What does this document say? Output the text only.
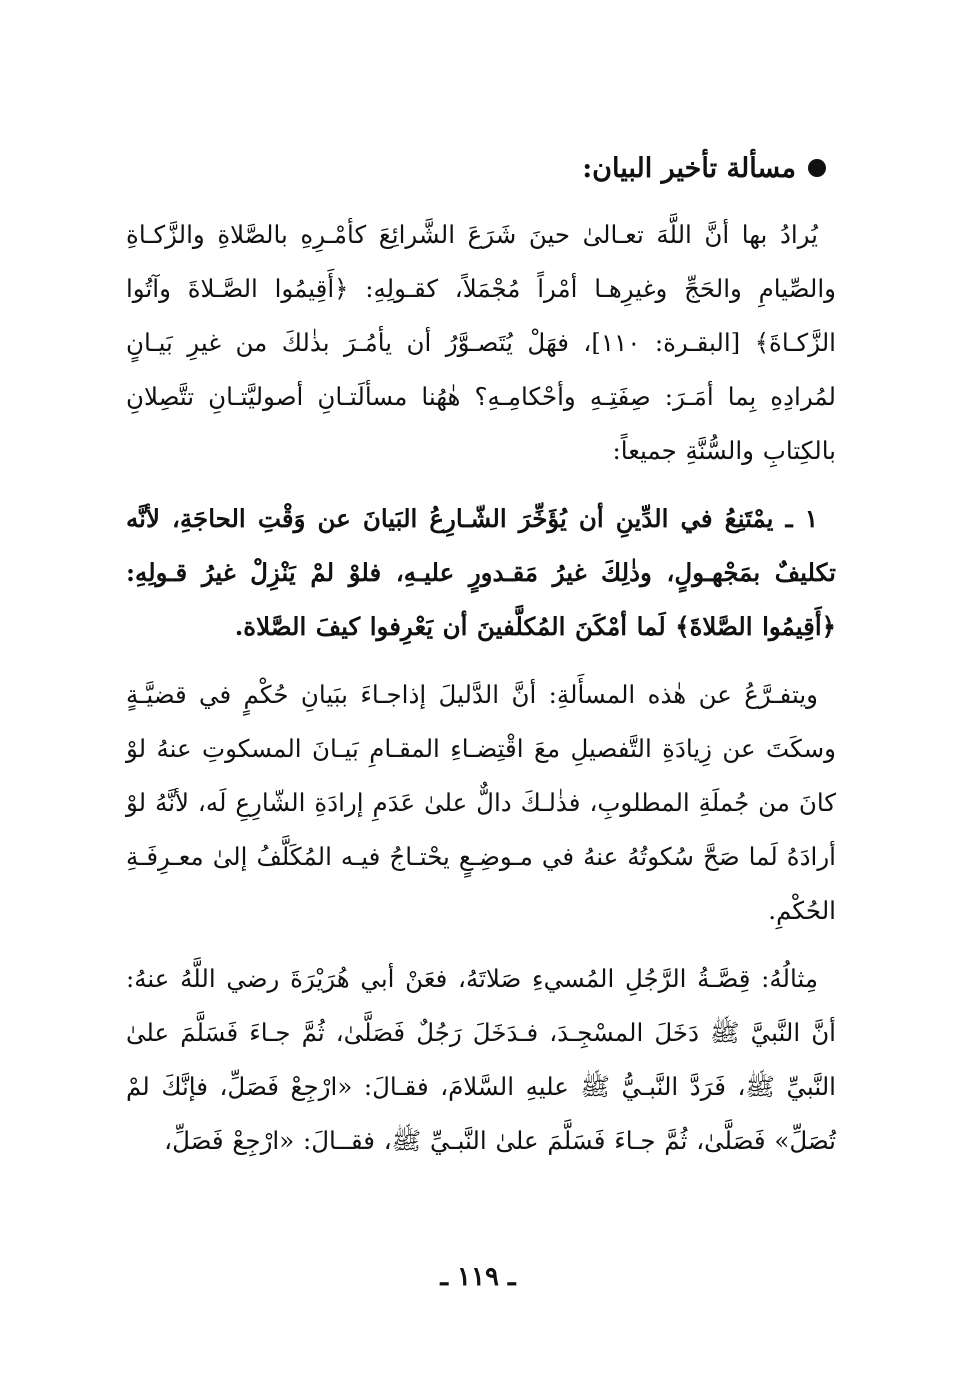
مسألة تأخير البيان:

يُرادُ بها أنَّ اللَّهَ تعـالىٰ حينَ شَرَعَ الشَّرائِعَ كأمْـرِهِ بالصَّلاةِ والزَّكـاةِ والصِّيامِ والحَجِّ وغيرِهـا أمْراً مُجْمَلاً، كقـولِهِ: ﴿أَقِيمُوا الصَّـلاةَ وآتُوا الزَّكـاةَ﴾ [البقـرة: ١١٠]، فهَلْ يُتَصـوَّرُ أن يأمُـرَ بذٰلكَ من غيرِ بَيـانٍ لمُرادِهِ بِما أمَـرَ: صِفَتِـهِ وأحْكامِـهِ؟ هٰهُنا مسألَتـانِ أصوليَّتـانِ تتَّصِلانِ بالكِتابِ والسُّنَّةِ جميعاً:

١ ـ يمْتَنِعُ في الدِّينِ أن يُؤَخِّرَ الشّـارِعُ البَيانَ عن وَقْتِ الحاجَةِ، لأنَّه تكليفٌ بمَجْهـولٍ، وذٰلِكَ غيرُ مَقـدورٍ عليـهِ، فلوْ لمْ يَنْزِلْ غيرُ قـولِهِ: ﴿أَقِيمُوا الصَّلاةَ﴾ لَما أمْكَنَ المُكلَّفينَ أن يَعْرِفوا كيفَ الصَّلاة.

ويتفـرَّعُ عن هٰذه المسأَلةِ: أنَّ الدَّليلَ إذاجـاءَ ببَيانِ حُكْمٍ في قضيَّـةٍ وسكَتَ عن زِيادَةِ التَّفصيلِ معَ اقْتِضـاءِ المقـامِ بَيـانَ المسكوتِ عنهُ لوْ كانَ من جُملَةِ المطلوبِ، فذٰلـكَ دالٌّ علىٰ عَدَمِ إرادَةِ الشّارِعِ لَه، لأنَّهُ لوْ أرادَهُ لَما صَحَّ سُكوتُهُ عنهُ في مـوضِـعٍ يحْتـاجُ فيـه المُكَلَّفُ إلىٰ معـرِفَـةِ الحُكْمِ.

مِثالُهُ: قِصَّـةُ الرَّجُلِ المُسيءِ صَلاتَهُ، فعَنْ أبي هُرَيْرَةَ رضي اللَّهُ عنهُ: أنَّ النَّبيَّ ﷺ دَخَلَ المسْجِـدَ، فـدَخَلَ رَجُلٌ فَصَلَّىٰ، ثُمَّ جـاءَ فَسَلَّمَ علىٰ النَّبيِّ ﷺ، فَرَدَّ النَّبـيُّ ﷺ عليهِ السَّلامَ، فقـالَ: «ارْجِعْ فَصَلِّ، فإنَّكَ لمْ تُصَلِّ» فَصَلَّىٰ، ثُمَّ جـاءَ فَسَلَّمَ علىٰ النَّبـيِّ ﷺ، فقــالَ: «ارْجِعْ فَصَلِّ،

ـ ١١٩ ـ
